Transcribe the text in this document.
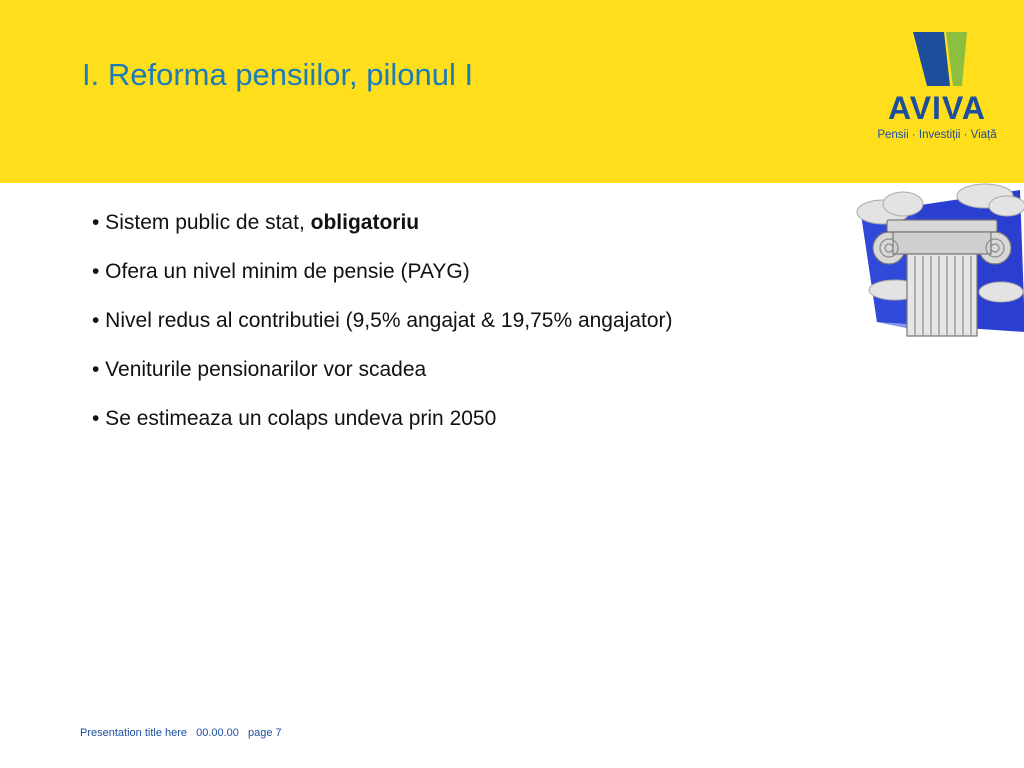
I. Reforma pensiilor, pilonul I
AVIVA
Pensii · Investiții · Viață
• Sistem public de stat, obligatoriu
• Ofera un nivel minim de pensie (PAYG)
• Nivel redus al contributiei (9,5% angajat & 19,75% angajator)
• Veniturile pensionarilor vor scadea
• Se estimeaza un colaps undeva prin 2050
Presentation title here 00.00.00 page 7
